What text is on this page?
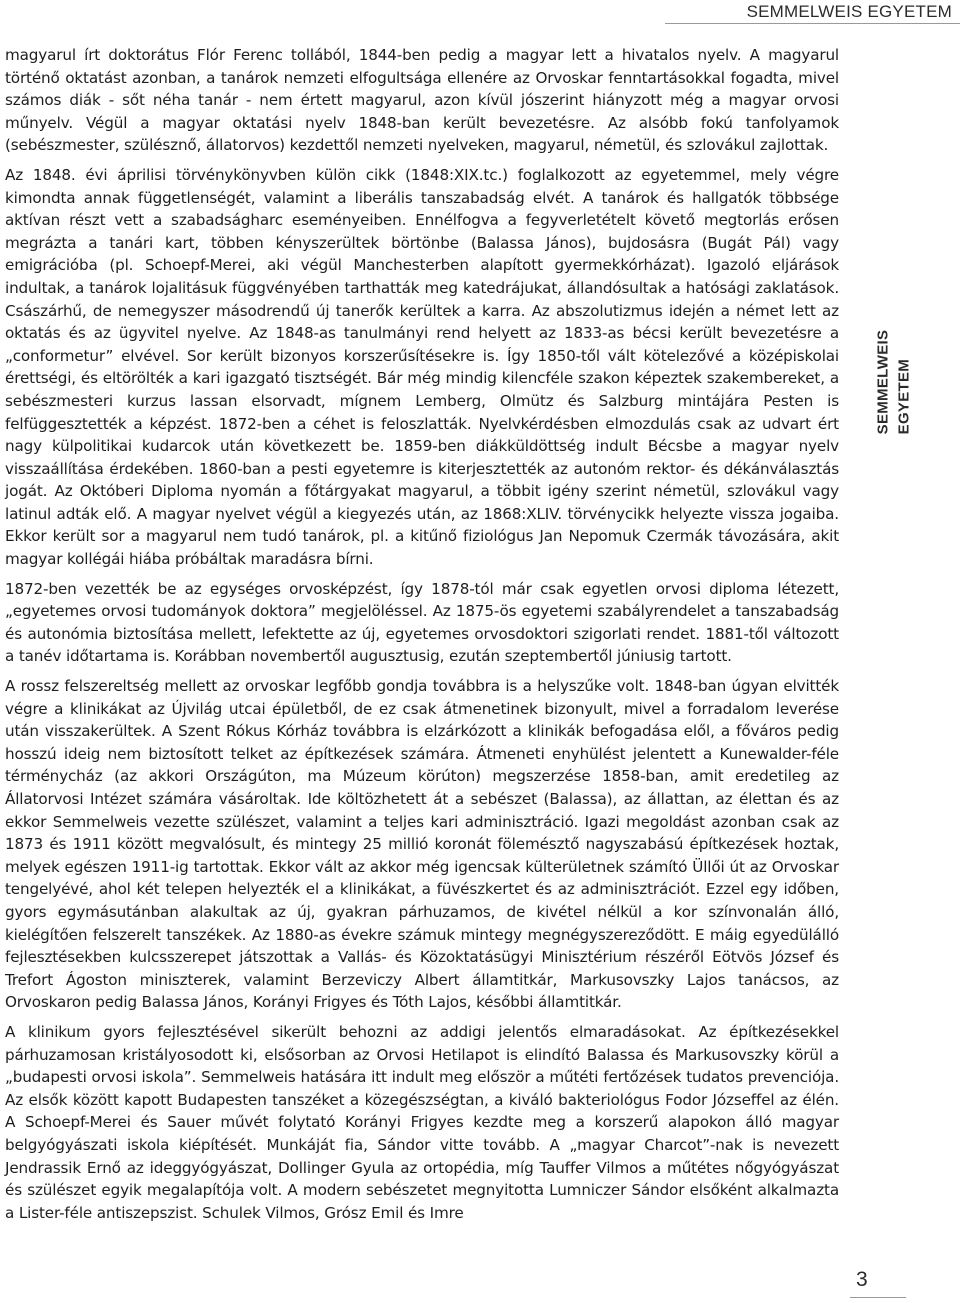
SEMMELWEIS EGYETEM

magyarul írt doktorátus Flór Ferenc tollából, 1844-ben pedig a magyar lett a hivatalos nyelv. A magyarul történő oktatást azonban, a tanárok nemzeti elfogultsága ellenére az Orvoskar fenntartásokkal fogadta, mivel számos diák - sőt néha tanár - nem értett magyarul, azon kívül jószerint hiányzott még a magyar orvosi műnyelv. Végül a magyar oktatási nyelv 1848-ban került bevezetésre. Az alsóbb fokú tanfolyamok (sebészmester, szülésznő, állatorvos) kezdettől nemzeti nyelveken, magyarul, németül, és szlovákul zajlottak.

Az 1848. évi áprilisi törvénykönyvben külön cikk (1848:XIX.tc.) foglalkozott az egyetemmel, mely végre kimondta annak függetlenségét, valamint a liberális tanszabadság elvét. A tanárok és hallgatók többsége aktívan részt vett a szabadságharc eseményeiben. Ennélfogva a fegyverletételt követő megtorlás erősen megrázta a tanári kart, többen kényszerültek börtönbe (Balassa János), bujdosásra (Bugát Pál) vagy emigrációba (pl. Schoepf-Merei, aki végül Manchesterben alapított gyermekkórházat). Igazoló eljárások indultak, a tanárok lojalitásuk függvényében tarthatták meg katedrájukat, állandósultak a hatósági zaklatások. Császárhű, de nemegyszer másodrendű új tanerők kerültek a karra. Az abszolutizmus idején a német lett az oktatás és az ügyvitel nyelve. Az 1848-as tanulmányi rend helyett az 1833-as bécsi került bevezetésre a „conformetur” elvével. Sor került bizonyos korszerűsítésekre is. Így 1850-től vált kötelezővé a középiskolai érettségi, és eltörölték a kari igazgató tisztségét. Bár még mindig kilencféle szakon képeztek szakembereket, a sebészmesteri kurzus lassan elsorvadt, mígnem Lemberg, Olmütz és Salzburg mintájára Pesten is felfüggesztették a képzést. 1872-ben a céhet is feloszlatták. Nyelvkérdésben elmozdulás csak az udvart ért nagy külpolitikai kudarcok után következett be. 1859-ben diákküldöttség indult Bécsbe a magyar nyelv visszaállítása érdekében. 1860-ban a pesti egyetemre is kiterjesztették az autonóm rektor- és dékánválasztás jogát. Az Októberi Diploma nyomán a főtárgyakat magyarul, a többit igény szerint németül, szlovákul vagy latinul adták elő. A magyar nyelvet végül a kiegyezés után, az 1868:XLIV. törvénycikk helyezte vissza jogaiba. Ekkor került sor a magyarul nem tudó tanárok, pl. a kitűnő fiziológus Jan Nepomuk Czermák távozására, akit magyar kollégái hiába próbáltak maradásra bírni.

1872-ben vezették be az egységes orvosképzést, így 1878-tól már csak egyetlen orvosi diploma létezett, „egyetemes orvosi tudományok doktora” megjelöléssel. Az 1875-ös egyetemi szabályrendelet a tanszabadság és autonómia biztosítása mellett, lefektette az új, egyetemes orvosdoktori szigorlati rendet. 1881-től változott a tanév időtartama is. Korábban novembertől augusztusig, ezután szeptembertől júniusig tartott.

A rossz felszereltség mellett az orvoskar legfőbb gondja továbbra is a helyszűke volt. 1848-ban úgyan elvitték végre a klinikákat az Újvilág utcai épületből, de ez csak átmenetinek bizonyult, mivel a forradalom leverése után visszakerültek. A Szent Rókus Kórház továbbra is elzárkózott a klinikák befogadása elől, a főváros pedig hosszú ideig nem biztosított telket az építkezések számára. Átmeneti enyhülést jelentett a Kunewalder-féle térménycház (az akkori Országúton, ma Múzeum körúton) megszerzése 1858-ban, amit eredetileg az Állatorvosi Intézet számára vásároltak. Ide költözhetett át a sebészet (Balassa), az állattan, az élettan és az ekkor Semmelweis vezette szülészet, valamint a teljes kari adminisztráció. Igazi megoldást azonban csak az 1873 és 1911 között megvalósult, és mintegy 25 millió koronát fölemésztő nagyszabású építkezések hoztak, melyek egészen 1911-ig tartottak. Ekkor vált az akkor még igencsak külterületnek számító Üllői út az Orvoskar tengelyévé, ahol két telepen helyezték el a klinikákat, a füvészkertet és az adminisztrációt. Ezzel egy időben, gyors egymásutánban alakultak az új, gyakran párhuzamos, de kivétel nélkül a kor színvonalán álló, kielégítően felszerelt tanszékek. Az 1880-as évekre számuk mintegy megnégyszereződött. E máig egyedülálló fejlesztésekben kulcsszerepet játszottak a Vallás- és Közoktatásügyi Minisztérium részéről Eötvös József és Trefort Ágoston miniszterek, valamint Berzeviczy Albert államtitkár, Markusovszky Lajos tanácsos, az Orvoskaron pedig Balassa János, Korányi Frigyes és Tóth Lajos, későbbi államtitkár.

A klinikum gyors fejlesztésével sikerült behozni az addigi jelentős elmaradásokat. Az építkezésekkel párhuzamosan kristályosodott ki, elsősorban az Orvosi Hetilapot is elindító Balassa és Markusovszky körül a „budapesti orvosi iskola”. Semmelweis hatására itt indult meg először a műtéti fertőzések tudatos prevenciója. Az elsők között kapott Budapesten tanszéket a közegészségtan, a kiváló bakteriológus Fodor Józseffel az élén. A Schoepf-Merei és Sauer művét folytató Korányi Frigyes kezdte meg a korszerű alapokon álló magyar belgyógyászati iskola kiépítését. Munkáját fia, Sándor vitte tovább. A „magyar Charcot”-nak is nevezett Jendrassik Ernő az ideggyógyászat, Dollinger Gyula az ortopédia, míg Tauffer Vilmos a műtétes nőgyógyászat és szülészet egyik megalapítója volt. A modern sebészetet megnyitotta Lumniczer Sándor elsőként alkalmazta a Lister-féle antiszepszist. Schulek Vilmos, Grósz Emil és Imre

SEMMELWEIS EGYETEM
3
